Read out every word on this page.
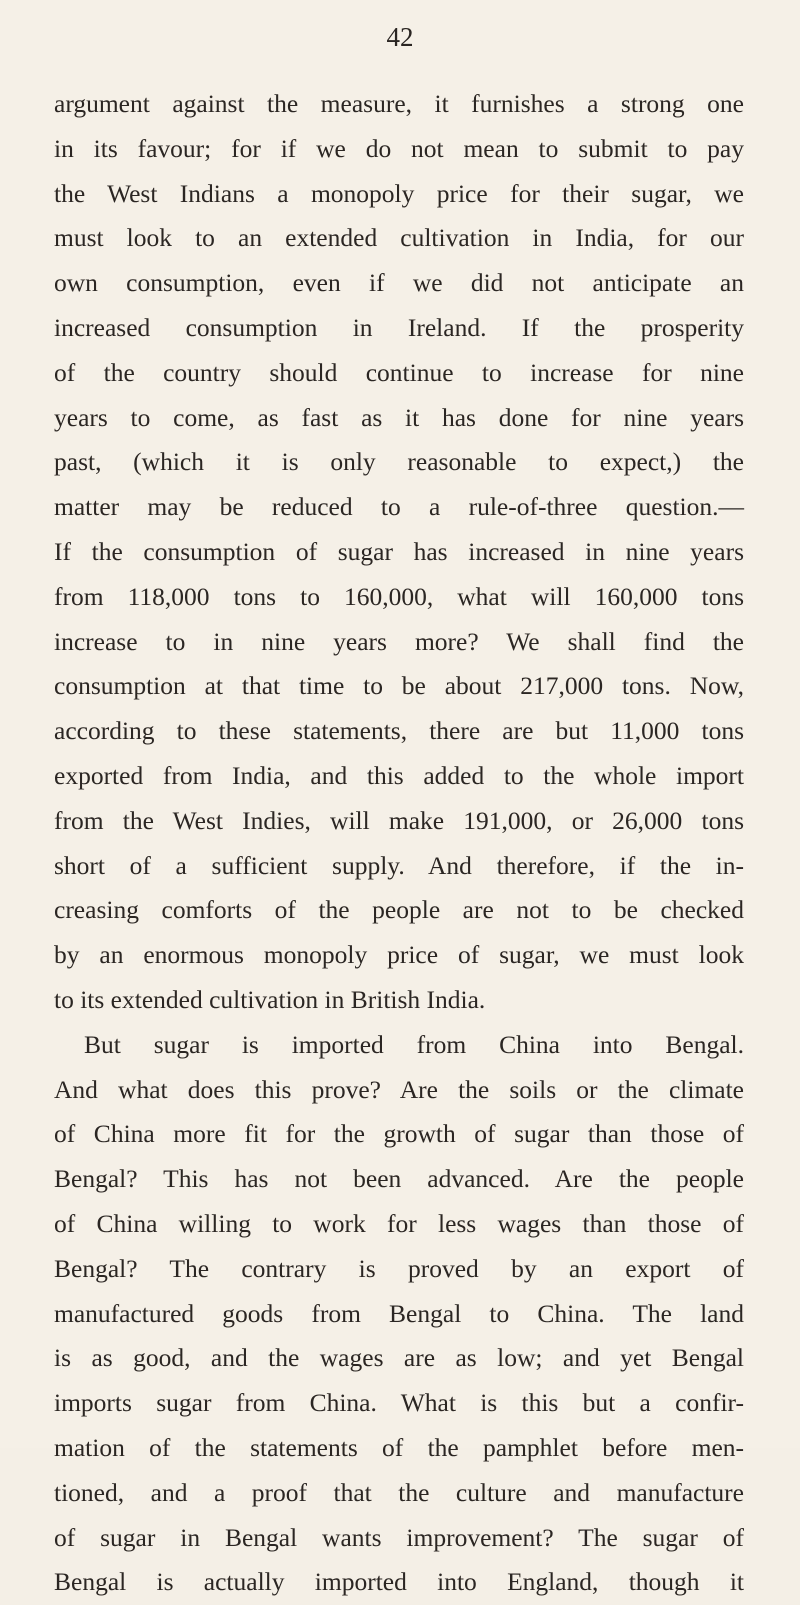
42
argument against the measure, it furnishes a strong one
in its favour; for if we do not mean to submit to pay
the West Indians a monopoly price for their sugar, we
must look to an extended cultivation in India, for our
own consumption, even if we did not anticipate an
increased consumption in Ireland. If the prosperity
of the country should continue to increase for nine
years to come, as fast as it has done for nine years
past, (which it is only reasonable to expect,) the
matter may be reduced to a rule-of-three question.—
If the consumption of sugar has increased in nine years
from 118,000 tons to 160,000, what will 160,000 tons
increase to in nine years more? We shall find the
consumption at that time to be about 217,000 tons. Now,
according to these statements, there are but 11,000 tons
exported from India, and this added to the whole import
from the West Indies, will make 191,000, or 26,000 tons
short of a sufficient supply. And therefore, if the in-
creasing comforts of the people are not to be checked
by an enormous monopoly price of sugar, we must look
to its extended cultivation in British India.
But sugar is imported from China into Bengal.
And what does this prove? Are the soils or the climate
of China more fit for the growth of sugar than those of
Bengal? This has not been advanced. Are the people
of China willing to work for less wages than those of
Bengal? The contrary is proved by an export of
manufactured goods from Bengal to China. The land
is as good, and the wages are as low; and yet Bengal
imports sugar from China. What is this but a confir-
mation of the statements of the pamphlet before men-
tioned, and a proof that the culture and manufacture
of sugar in Bengal wants improvement? The sugar of
Bengal is actually imported into England, though it
